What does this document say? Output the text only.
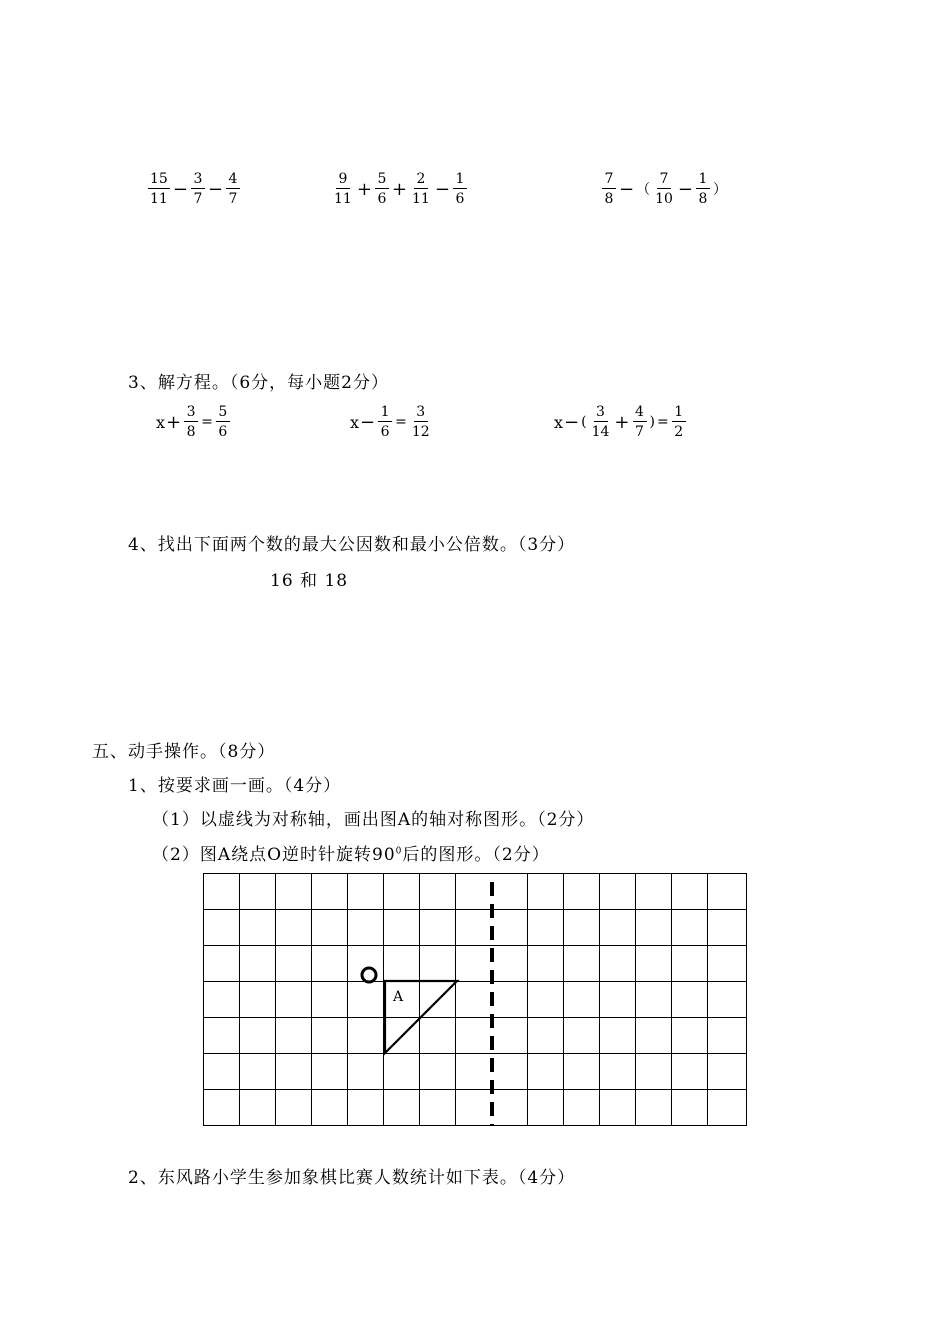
$\frac{15}{11} - \frac{3}{7} - \frac{4}{7}$	$\frac{9}{11} + \frac{5}{6} + \frac{2}{11} - \frac{1}{6}$	$\frac{7}{8}$ − （ $\frac{7}{10} - \frac{1}{8}$ ）
3、解方程。（6分，每小题2分）
$x + \frac{3}{8} = \frac{5}{6}$	$x - \frac{1}{6} = \frac{3}{12}$	x − ( $\frac{3}{14} + \frac{4}{7}$ ) = $\frac{1}{2}$
4、找出下面两个数的最大公因数和最小公倍数。（3分）
16 和 18
五、动手操作。（8分）
1、按要求画一画。（4分）
（1）以虚线为对称轴，画出图A的轴对称图形。（2分）
（2）图A绕点O逆时针旋转$90^0$后的图形。（2分）
A
2、东风路小学生参加象棋比赛人数统计如下表。（4分）
